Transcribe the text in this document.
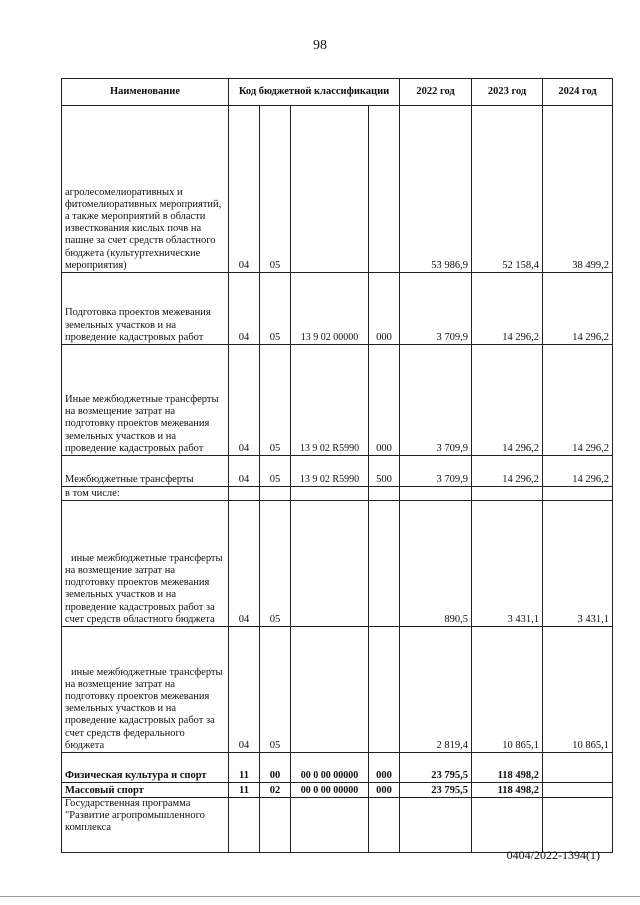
98
Наименование	Код бюджетной классификации				2022 год	2023 год	2024 год
агролесомелиоративных и фитомелиоративных мероприятий, а также мероприятий в области известкования кислых почв на пашне за счет средств областного бюджета (культуртехнические мероприятия)	04	05			53 986,9	52 158,4	38 499,2
Подготовка проектов межевания земельных участков и на проведение кадастровых работ	04	05	13 9 02 00000	000	3 709,9	14 296,2	14 296,2
Иные межбюджетные трансферты на возмещение затрат на подготовку проектов межевания земельных участков и на проведение кадастровых работ	04	05	13 9 02 R5990	000	3 709,9	14 296,2	14 296,2
Межбюджетные трансферты	04	05	13 9 02 R5990	500	3 709,9	14 296,2	14 296,2
в том числе:							
иные межбюджетные трансферты на возмещение затрат на подготовку проектов межевания земельных участков и на проведение кадастровых работ за счет средств областного бюджета	04	05			890,5	3 431,1	3 431,1
иные межбюджетные трансферты на возмещение затрат на подготовку проектов межевания земельных участков и на проведение кадастровых работ за счет средств федерального бюджета	04	05			2 819,4	10 865,1	10 865,1
Физическая культура и спорт	11	00	00 0 00 00000	000	23 795,5	118 498,2	
Массовый спорт	11	02	00 0 00 00000	000	23 795,5	118 498,2	
Государственная программа "Развитие агропромышленного комплекса							
0404/2022-1394(1)
